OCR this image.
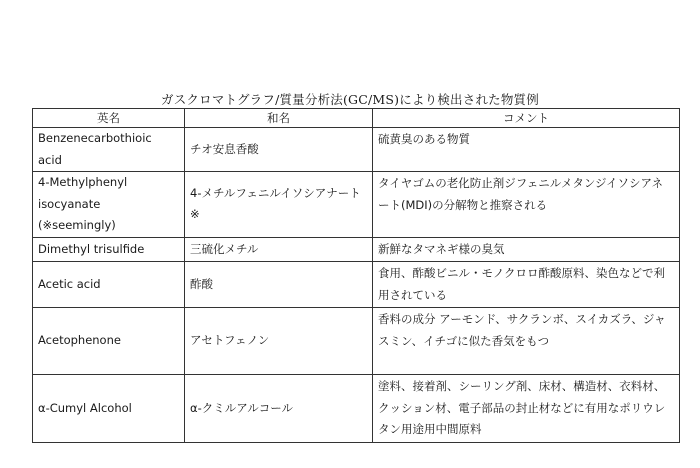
ガスクロマトグラフ/質量分析法(GC/MS)により検出された物質例
英名	和名	コメント
Benzenecarbothioic acid	チオ安息香酸	硫黄臭のある物質
4-Methylphenyl isocyanate (※seemingly)	4-メチルフェニルイソシアナート※	タイヤゴムの老化防止剤ジフェニルメタンジイソシアネート(MDI)の分解物と推察される
Dimethyl trisulfide	三硫化メチル	新鮮なタマネギ様の臭気
Acetic acid	酢酸	食用、酢酸ビニル・モノクロロ酢酸原料、染色などで利用されている
Acetophenone	アセトフェノン	香料の成分 アーモンド、サクランボ、スイカズラ、ジャスミン、イチゴに似た香気をもつ
α-Cumyl Alcohol	α-クミルアルコール	塗料、接着剤、シーリング剤、床材、構造材、衣料材、クッション材、電子部品の封止材などに有用なポリウレタン用途用中間原料
